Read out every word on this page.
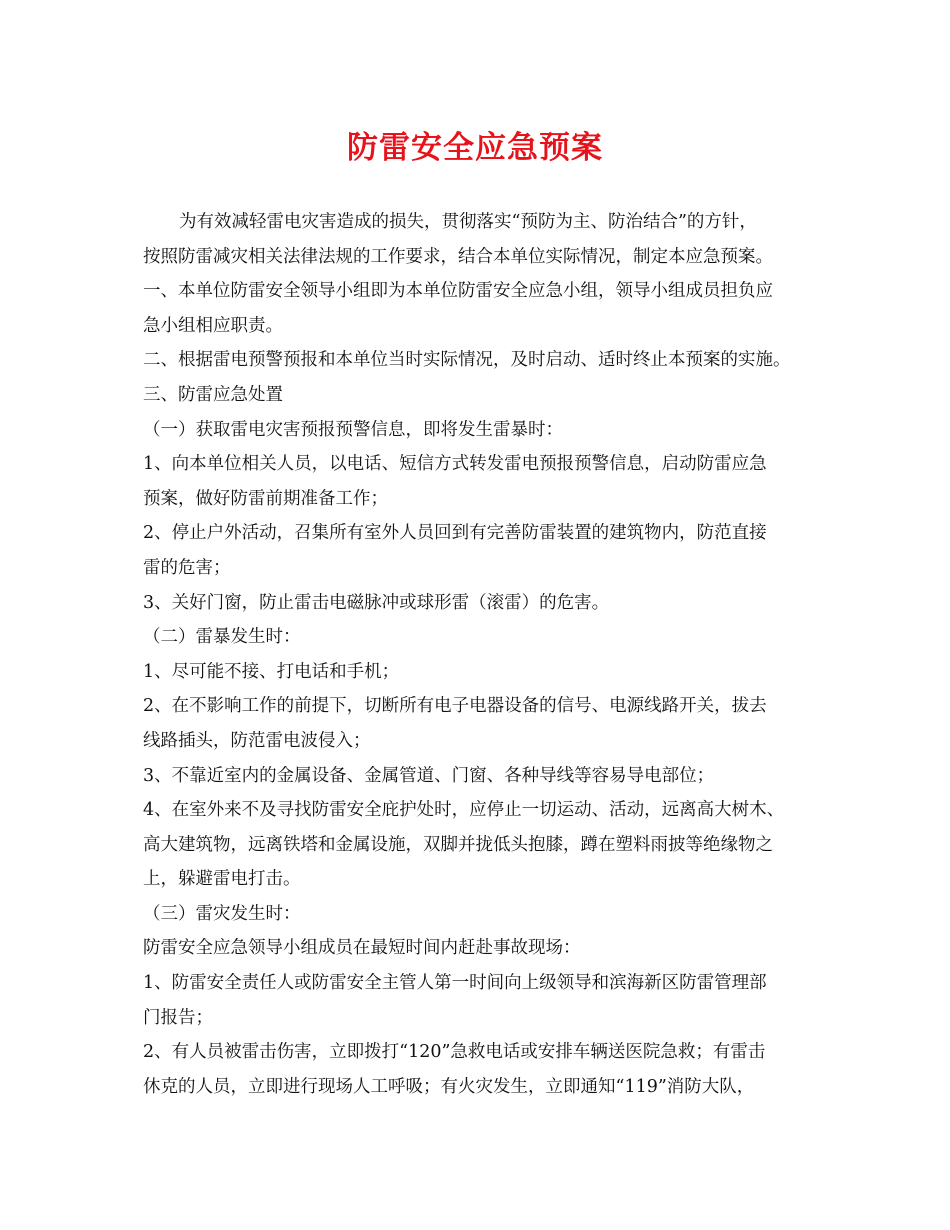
防雷安全应急预案
为有效减轻雷电灾害造成的损失，贯彻落实“预防为主、防治结合”的方针，
按照防雷减灾相关法律法规的工作要求，结合本单位实际情况，制定本应急预案。
一、本单位防雷安全领导小组即为本单位防雷安全应急小组，领导小组成员担负应
急小组相应职责。
二、根据雷电预警预报和本单位当时实际情况，及时启动、适时终止本预案的实施。
三、防雷应急处置
（一）获取雷电灾害预报预警信息，即将发生雷暴时：
1、向本单位相关人员，以电话、短信方式转发雷电预报预警信息，启动防雷应急
预案，做好防雷前期准备工作；
2、停止户外活动，召集所有室外人员回到有完善防雷装置的建筑物内，防范直接
雷的危害；
3、关好门窗，防止雷击电磁脉冲或球形雷（滚雷）的危害。
（二）雷暴发生时：
1、尽可能不接、打电话和手机；
2、在不影响工作的前提下，切断所有电子电器设备的信号、电源线路开关，拔去
线路插头，防范雷电波侵入；
3、不靠近室内的金属设备、金属管道、门窗、各种导线等容易导电部位；
4、在室外来不及寻找防雷安全庇护处时，应停止一切运动、活动，远离高大树木、
高大建筑物，远离铁塔和金属设施，双脚并拢低头抱膝，蹲在塑料雨披等绝缘物之
上，躲避雷电打击。
（三）雷灾发生时：
防雷安全应急领导小组成员在最短时间内赶赴事故现场：
1、防雷安全责任人或防雷安全主管人第一时间向上级领导和滨海新区防雷管理部
门报告；
2、有人员被雷击伤害，立即拨打“120”急救电话或安排车辆送医院急救；有雷击
休克的人员，立即进行现场人工呼吸；有火灾发生，立即通知“119”消防大队，
